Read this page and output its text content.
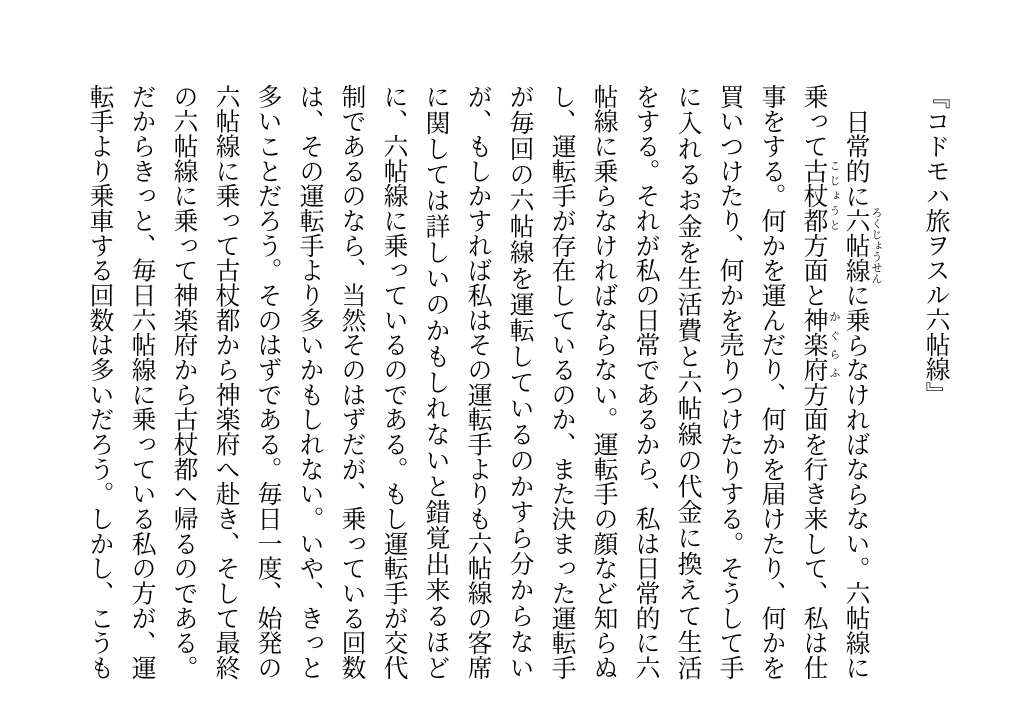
『コドモハ旅ヲスル六帖線』
日常的に六帖線 ろくじょうせん
に乗らなければならない。六帖線に
乗って古杖都 こじょうと
方面と神楽府 かぐらふ
方面を行き来して、私は仕
事をする。何かを運んだり、何かを届けたり、何かを
買いつけたり、何かを売りつけたりする。そうして手
に入れるお金を生活費と六帖線の代金に換えて生活
をする。それが私の日常であるから、私は日常的に六
帖線に乗らなければならない。運転手の顔など知らぬ
し、運転手が存在しているのか、また決まった運転手
が毎回の六帖線を運転しているのかすら分からない
が、もしかすれば私はその運転手よりも六帖線の客席
に関しては詳しいのかもしれないと錯覚出来るほど
に、六帖線に乗っているのである。もし運転手が交代
制であるのなら、当然そのはずだが、乗っている回数
は、その運転手より多いかもしれない。いや、きっと
多いことだろう。そのはずである。毎日一度、始発の
六帖線に乗って古杖都から神楽府へ赴き、そして最終
の六帖線に乗って神楽府から古杖都へ帰るのである。
だからきっと、毎日六帖線に乗っている私の方が、運
転手より乗車する回数は多いだろう。しかし、こうも
